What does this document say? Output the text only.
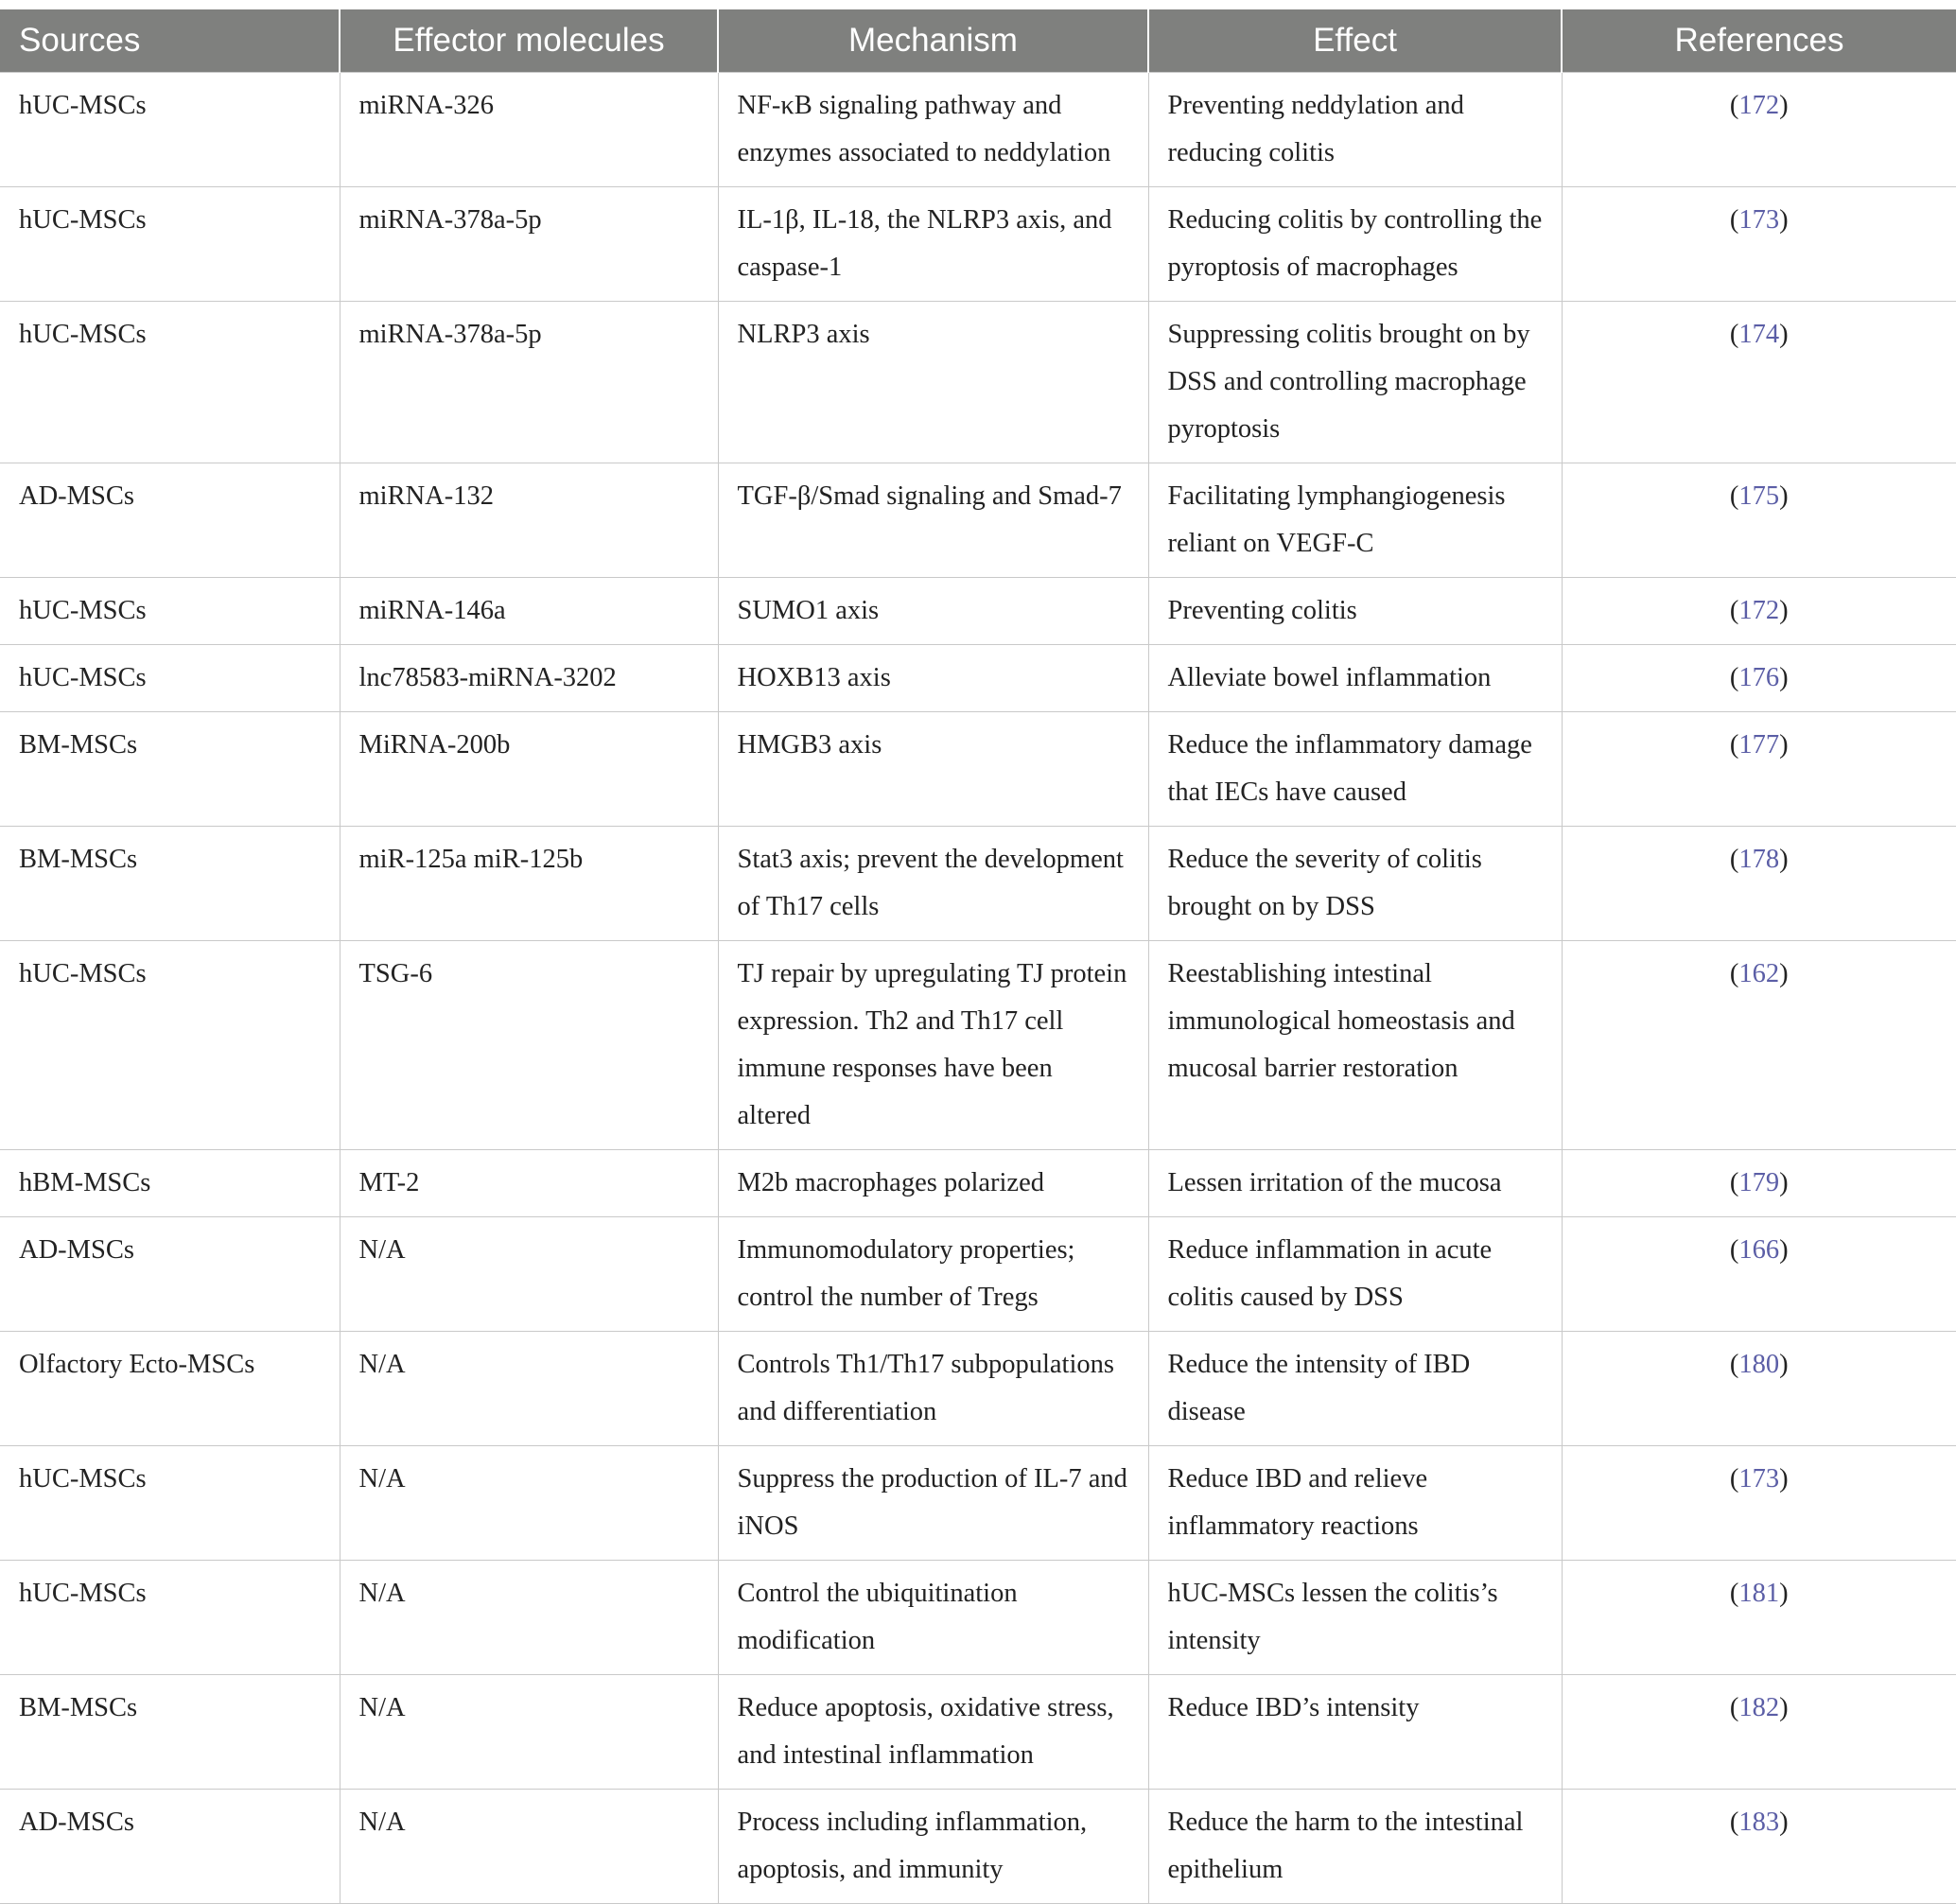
Sources	Effector molecules	Mechanism	Effect	References
hUC-MSCs	miRNA-326	NF-κB signaling pathway and enzymes associated to neddylation	Preventing neddylation and reducing colitis	(172)
hUC-MSCs	miRNA-378a-5p	IL-1β, IL-18, the NLRP3 axis, and caspase-1	Reducing colitis by controlling the pyroptosis of macrophages	(173)
hUC-MSCs	miRNA-378a-5p	NLRP3 axis	Suppressing colitis brought on by DSS and controlling macrophage pyroptosis	(174)
AD-MSCs	miRNA-132	TGF-β/Smad signaling and Smad-7	Facilitating lymphangiogenesis reliant on VEGF-C	(175)
hUC-MSCs	miRNA-146a	SUMO1 axis	Preventing colitis	(172)
hUC-MSCs	lnc78583-miRNA-3202	HOXB13 axis	Alleviate bowel inflammation	(176)
BM-MSCs	MiRNA-200b	HMGB3 axis	Reduce the inflammatory damage that IECs have caused	(177)
BM-MSCs	miR-125a miR-125b	Stat3 axis; prevent the development of Th17 cells	Reduce the severity of colitis brought on by DSS	(178)
hUC-MSCs	TSG-6	TJ repair by upregulating TJ protein expression. Th2 and Th17 cell immune responses have been altered	Reestablishing intestinal immunological homeostasis and mucosal barrier restoration	(162)
hBM-MSCs	MT-2	M2b macrophages polarized	Lessen irritation of the mucosa	(179)
AD-MSCs	N/A	Immunomodulatory properties; control the number of Tregs	Reduce inflammation in acute colitis caused by DSS	(166)
Olfactory Ecto-MSCs	N/A	Controls Th1/Th17 subpopulations and differentiation	Reduce the intensity of IBD disease	(180)
hUC-MSCs	N/A	Suppress the production of IL-7 and iNOS	Reduce IBD and relieve inflammatory reactions	(173)
hUC-MSCs	N/A	Control the ubiquitination modification	hUC-MSCs lessen the colitis’s intensity	(181)
BM-MSCs	N/A	Reduce apoptosis, oxidative stress, and intestinal inflammation	Reduce IBD’s intensity	(182)
AD-MSCs	N/A	Process including inflammation, apoptosis, and immunity	Reduce the harm to the intestinal epithelium	(183)
